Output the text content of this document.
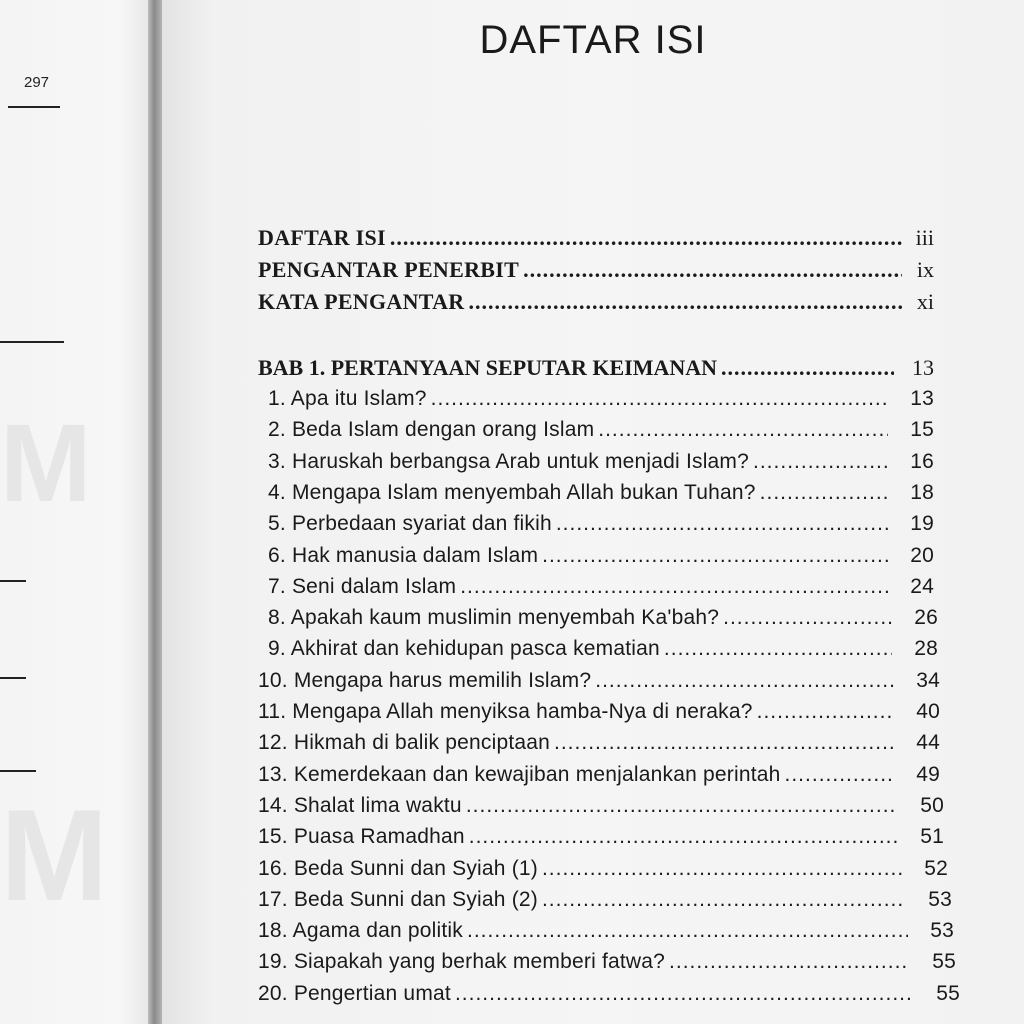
297
M
M
DAFTAR ISI
DAFTAR ISI .....	iii
PENGANTAR PENERBIT .....	ix
KATA PENGANTAR .....	xi
BAB 1. PERTANYAAN SEPUTAR KEIMANAN .....	13
1. Apa itu Islam? .....	13
2. Beda Islam dengan orang Islam .....	15
3. Haruskah berbangsa Arab untuk menjadi Islam? .....	16
4. Mengapa Islam menyembah Allah bukan Tuhan? .....	18
5. Perbedaan syariat dan fikih .....	19
6. Hak manusia dalam Islam .....	20
7. Seni dalam Islam .....	24
8. Apakah kaum muslimin menyembah Ka'bah? .....	26
9. Akhirat dan kehidupan pasca kematian .....	28
10. Mengapa harus memilih Islam? .....	34
11. Mengapa Allah menyiksa hamba-Nya di neraka? .....	40
12. Hikmah di balik penciptaan .....	44
13. Kemerdekaan dan kewajiban menjalankan perintah .....	49
14. Shalat lima waktu .....	50
15. Puasa Ramadhan .....	51
16. Beda Sunni dan Syiah (1) .....	52
17. Beda Sunni dan Syiah (2) .....	53
18. Agama dan politik .....	53
19. Siapakah yang berhak memberi fatwa? .....	55
20. Pengertian umat .....	55
